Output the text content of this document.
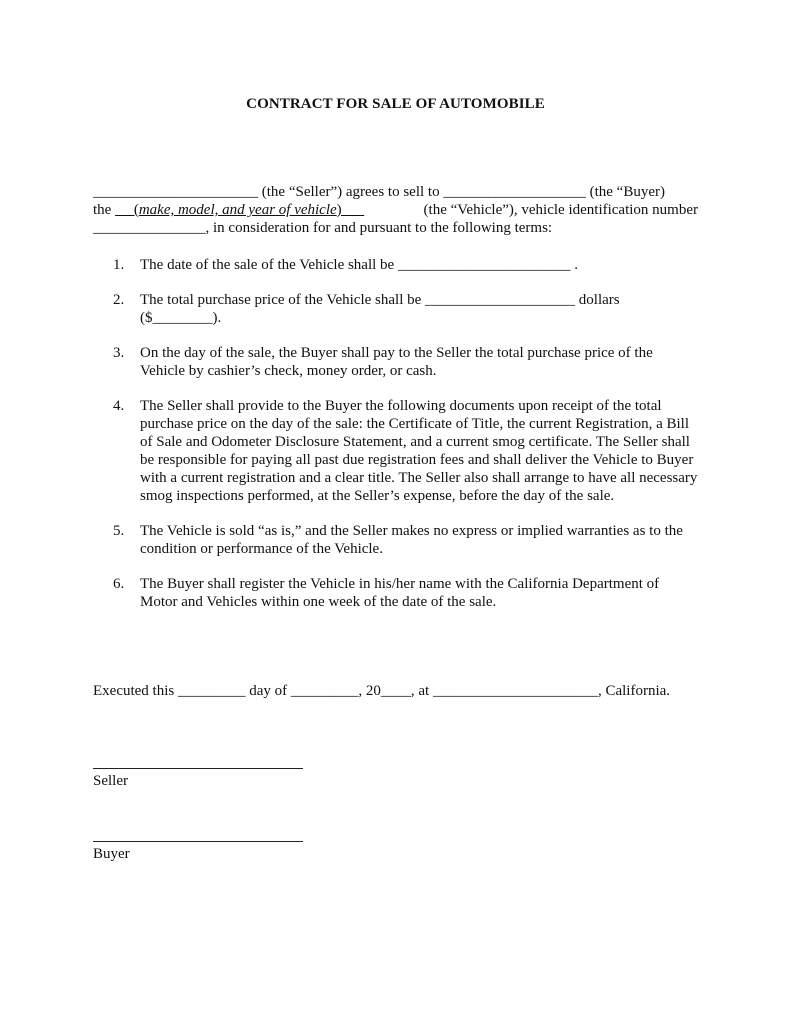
CONTRACT FOR SALE OF AUTOMOBILE
______________________ (the “Seller”) agrees to sell to ___________________ (the “Buyer)
the      (make, model, and year of vehicle)	(the “Vehicle”), vehicle identification number
_______________, in consideration for and pursuant to the following terms:
1.	The date of the sale of the Vehicle shall be _______________________ .
2.	The total purchase price of the Vehicle shall be ____________________ dollars ($________).
3.	On the day of the sale, the Buyer shall pay to the Seller the total purchase price of the Vehicle by cashier’s check, money order, or cash.
4.	The Seller shall provide to the Buyer the following documents upon receipt of the total purchase price on the day of the sale: the Certificate of Title, the current Registration, a Bill of Sale and Odometer Disclosure Statement, and a current smog certificate. The Seller shall be responsible for paying all past due registration fees and shall deliver the Vehicle to Buyer with a current registration and a clear title. The Seller also shall arrange to have all necessary smog inspections performed, at the Seller’s expense, before the day of the sale.
5.	The Vehicle is sold “as is,” and the Seller makes no express or implied warranties as to the condition or performance of the Vehicle.
6.	The Buyer shall register the Vehicle in his/her name with the California Department of Motor and Vehicles within one week of the date of the sale.
Executed this _________ day of _________, 20____, at ______________________, California.
Seller
Buyer
